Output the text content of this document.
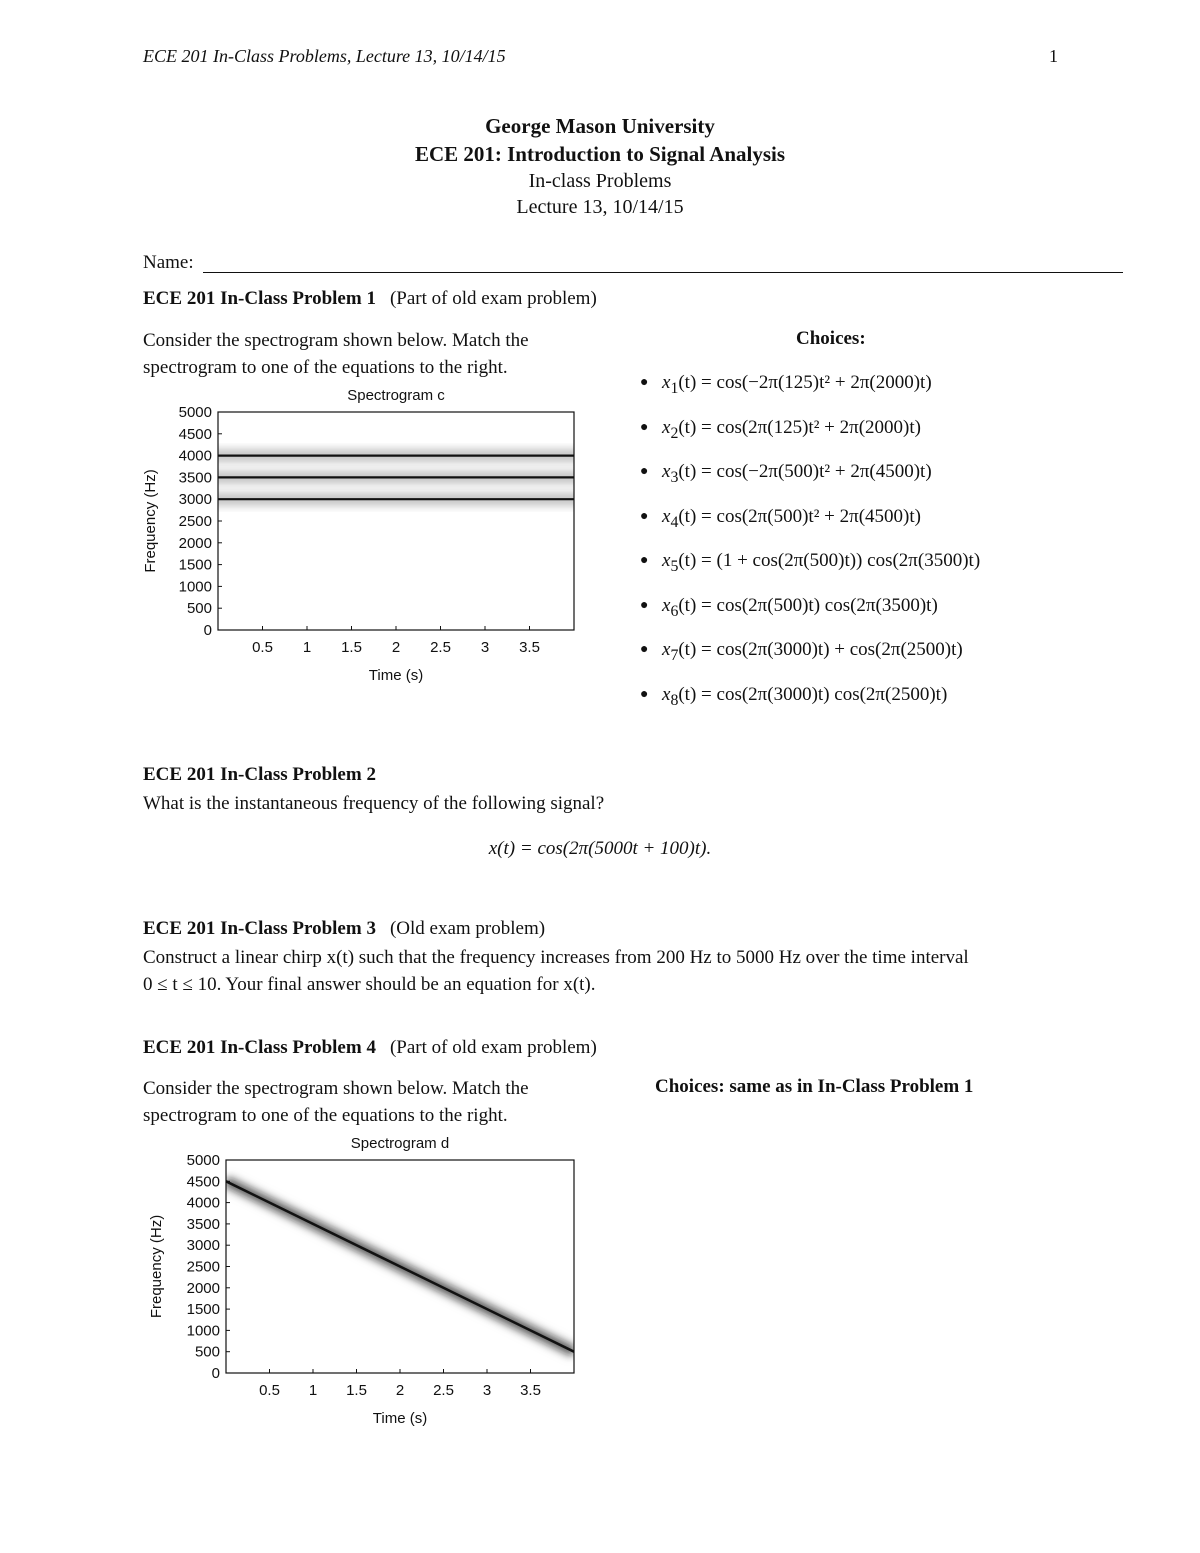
ECE 201 In-Class Problems, Lecture 13, 10/14/15	1
George Mason University
ECE 201: Introduction to Signal Analysis
In-class Problems
Lecture 13, 10/14/15
Name:
ECE 201 In-Class Problem 1 (Part of old exam problem)
Consider the spectrogram shown below. Match the
spectrogram to one of the equations to the right.
Choices:
● $x_1(t) = \cos(-2\pi(125)t^2 + 2\pi(2000)t)$
● $x_2(t) = \cos(2\pi(125)t^2 + 2\pi(2000)t)$
● $x_3(t) = \cos(-2\pi(500)t^2 + 2\pi(4500)t)$
● $x_4(t) = \cos(2\pi(500)t^2 + 2\pi(4500)t)$
● $x_5(t) = (1 + \cos(2\pi(500)t))$ cos(2π(3500)t)
● $x_6(t) = \cos(2\pi(500)t)$ cos(2π(3500)t)
● $x_7(t) = \cos(2\pi(3000)t) + \cos(2\pi(2500)t)$
● $x_8(t) = \cos(2\pi(3000)t)$ cos(2π(2500)t)
0
500
1000
1500
2000
2500
3000
3500
4000
4500
5000
0.5 1 1.5 2 2.5 3 3.5
Spectrogram c
Time (s)
Frequency (Hz)
ECE 201 In-Class Problem 2
What is the instantaneous frequency of the following signal?
x(t) = cos(2π(5000t + 100)t).
ECE 201 In-Class Problem 3 (Old exam problem)
Construct a linear chirp x(t) such that the frequency increases from 200 Hz to 5000 Hz over the time interval
0 ≤ t ≤ 10. Your final answer should be an equation for x(t).
ECE 201 In-Class Problem 4 (Part of old exam problem)
Consider the spectrogram shown below. Match the
spectrogram to one of the equations to the right.
Choices: same as in In-Class Problem 1
0
500
1000
1500
2000
2500
3000
3500
4000
4500
5000
0.5 1 1.5 2 2.5 3 3.5
Spectrogram d
Time (s)
Frequency (Hz)
